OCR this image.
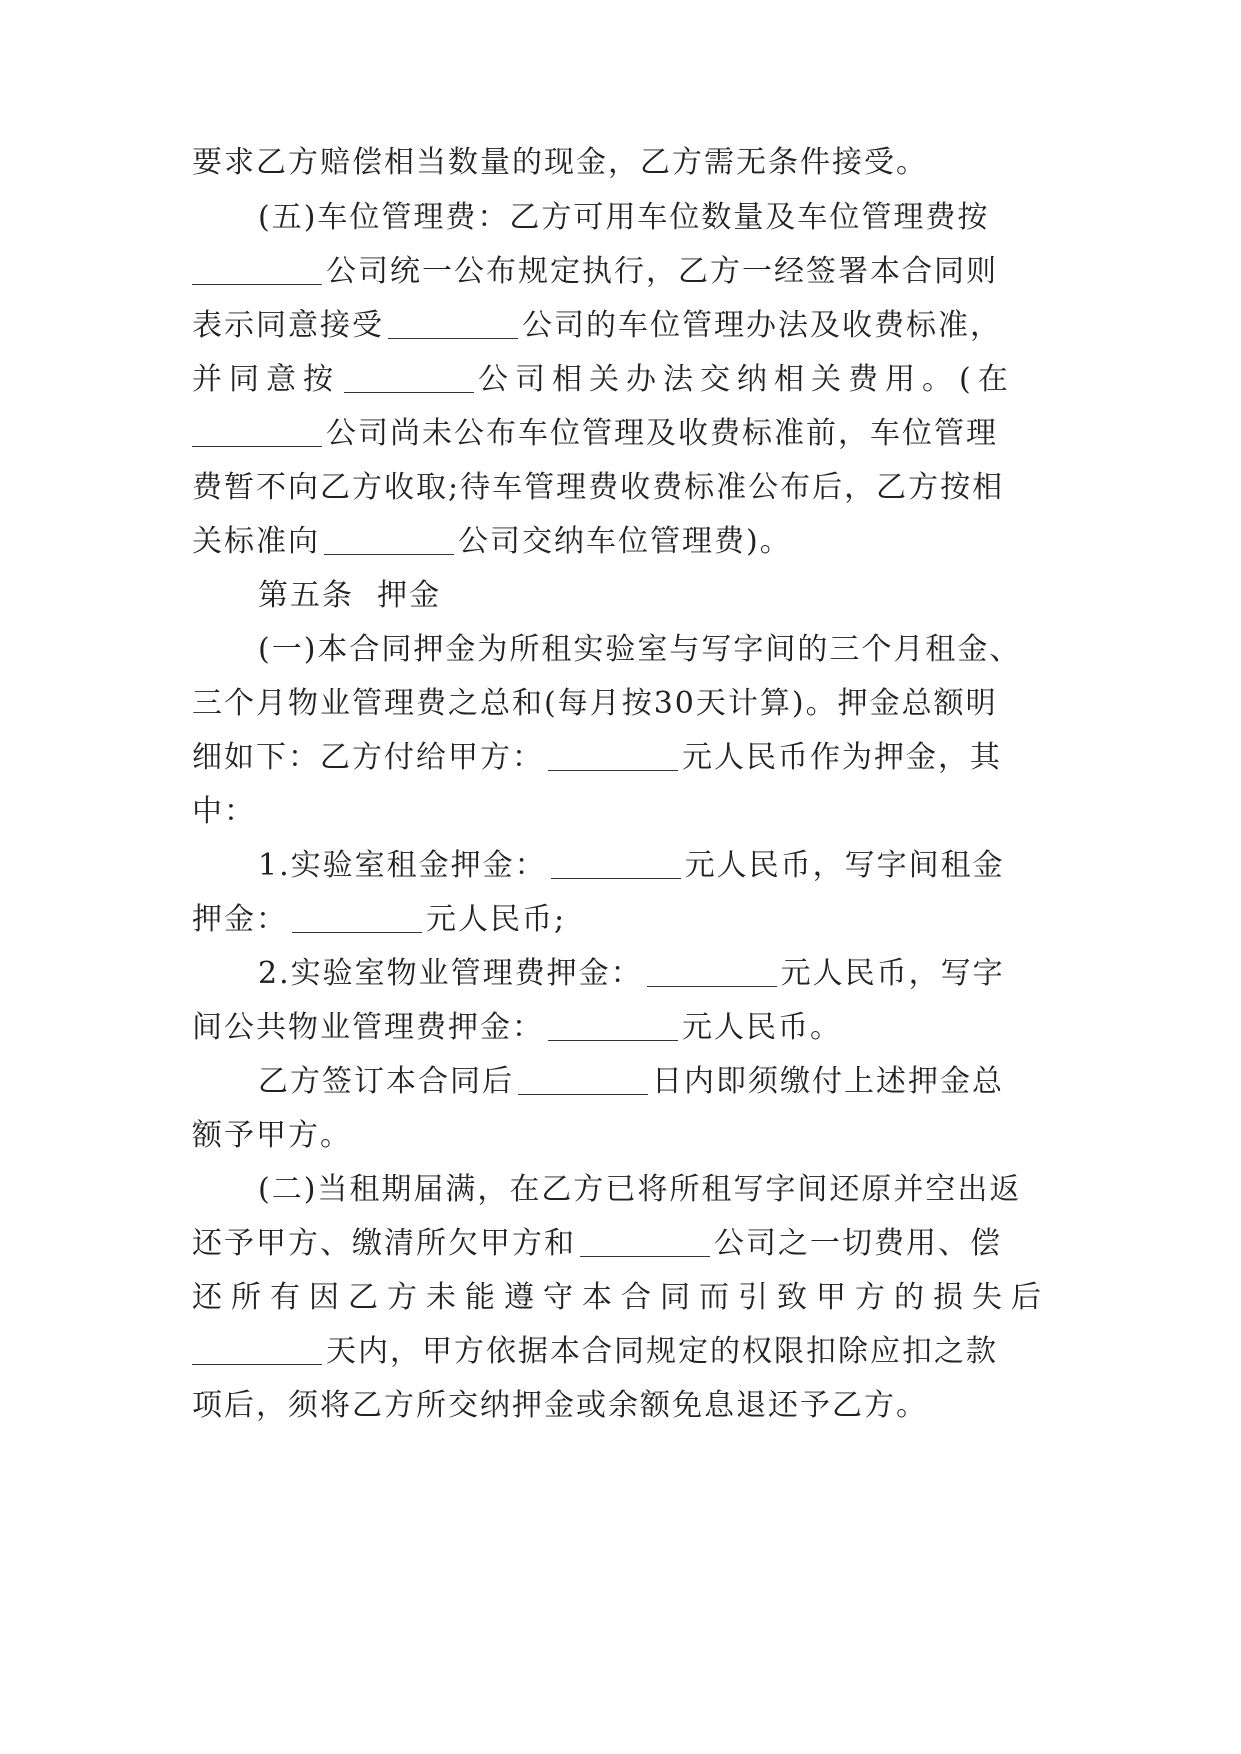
要求乙方赔偿相当数量的现金，乙方需无条件接受。
(五)车位管理费：乙方可用车位数量及车位管理费按
公司统一公布规定执行，乙方一经签署本合同则
表示同意接受	公司的车位管理办法及收费标准，
并同意按	公司相关办法交纳相关费用。(在
公司尚未公布车位管理及收费标准前，车位管理
费暂不向乙方收取;待车管理费收费标准公布后，乙方按相
关标准向	公司交纳车位管理费)。
第五条  押金
(一)本合同押金为所租实验室与写字间的三个月租金、
三个月物业管理费之总和(每月按30天计算)。押金总额明
细如下：乙方付给甲方：	元人民币作为押金，其
中：
1.实验室租金押金：	元人民币，写字间租金
押金：	元人民币;
2.实验室物业管理费押金：	元人民币，写字
间公共物业管理费押金：	元人民币。
乙方签订本合同后	日内即须缴付上述押金总
额予甲方。
(二)当租期届满，在乙方已将所租写字间还原并空出返
还予甲方、缴清所欠甲方和	公司之一切费用、偿
还所有因乙方未能遵守本合同而引致甲方的损失后
天内，甲方依据本合同规定的权限扣除应扣之款
项后，须将乙方所交纳押金或余额免息退还予乙方。
